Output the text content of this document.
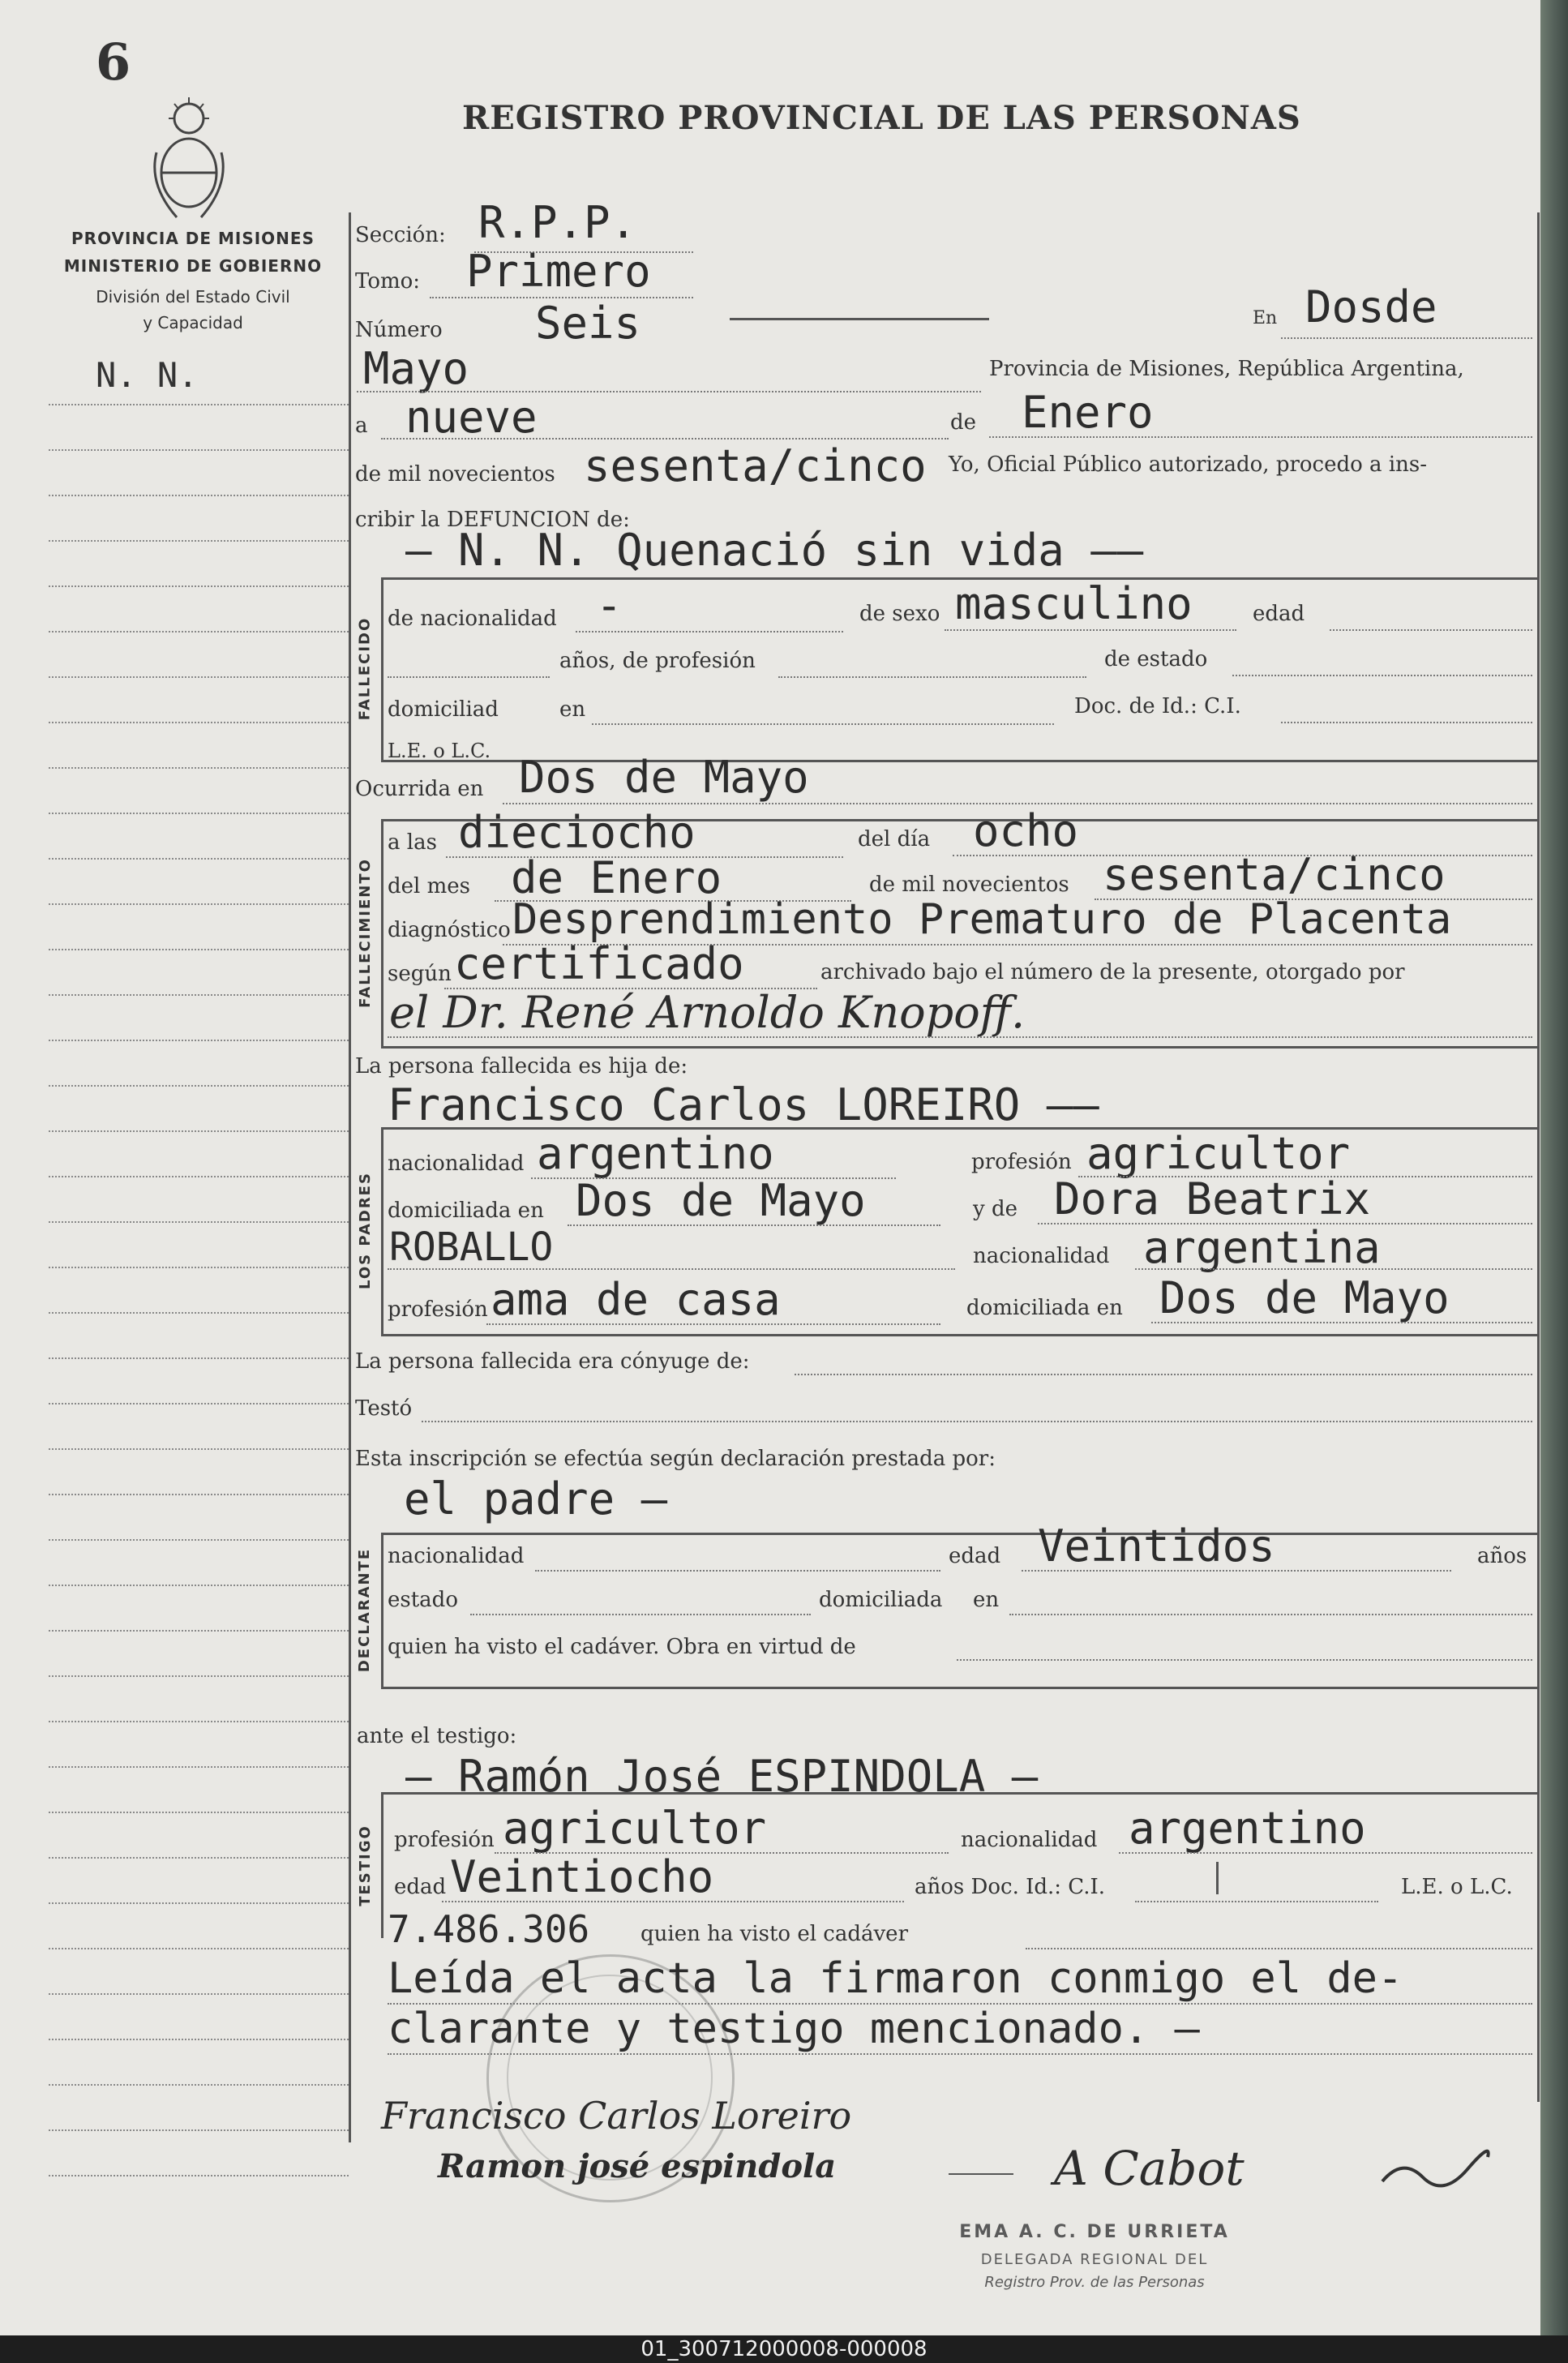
6
REGISTRO PROVINCIAL DE LAS PERSONAS
PROVINCIA DE MISIONES
MINISTERIO DE GOBIERNO
División del Estado Civil
y Capacidad
N. N.
Sección: R.P.P.
Tomo: Primero
Número Seis	En Dosde
Mayo	Provincia de Misiones, República Argentina,
a nueve	de Enero
de mil novecientos sesenta/cinco Yo, Oficial Público autorizado, procedo a ins-
cribir la DEFUNCION de:
FALLECIDO
— N. N. Quenació sin vida ——
de nacionalidad -	de sexo masculino	edad
años, de profesión	de estado
domiciliad	en	Doc. de Id.: C.I.
L.E. o L.C.
Ocurrida en Dos de Mayo
FALLECIMIENTO
a las dieciocho	del día ocho
del mes de Enero	de mil novecientos sesenta/cinco
diagnóstico Desprendimiento Prematuro de Placenta
según certificado	archivado bajo el número de la presente, otorgado por
el Dr. René Arnoldo Knopoff.
La persona fallecida es hija de:
LOS PADRES
Francisco Carlos LOREIRO ——
nacionalidad argentino	profesión agricultor
domiciliada en Dos de Mayo	y de Dora Beatrix
ROBALLO	nacionalidad argentina
profesión ama de casa	domiciliada en Dos de Mayo
La persona fallecida era cónyuge de:
Testó
Esta inscripción se efectúa según declaración prestada por:
DECLARANTE
el padre —
nacionalidad	edad Veintidos	años
estado	domiciliada en
quien ha visto el cadáver. Obra en virtud de
ante el testigo:
TESTIGO
— Ramón José ESPINDOLA —
profesión agricultor	nacionalidad argentino
edad Veintiocho	años Doc. Id.: C.I.	L.E. o L.C.
7.486.306 quien ha visto el cadáver
Leída el acta la firmaron conmigo el de-
clarante y testigo mencionado. —
Francisco Carlos Loreiro
Ramon josé espindola	A Cabot
EMA A. C. DE URRIETA
DELEGADA REGIONAL DEL
Registro Prov. de las Personas
01_300712000008-000008
